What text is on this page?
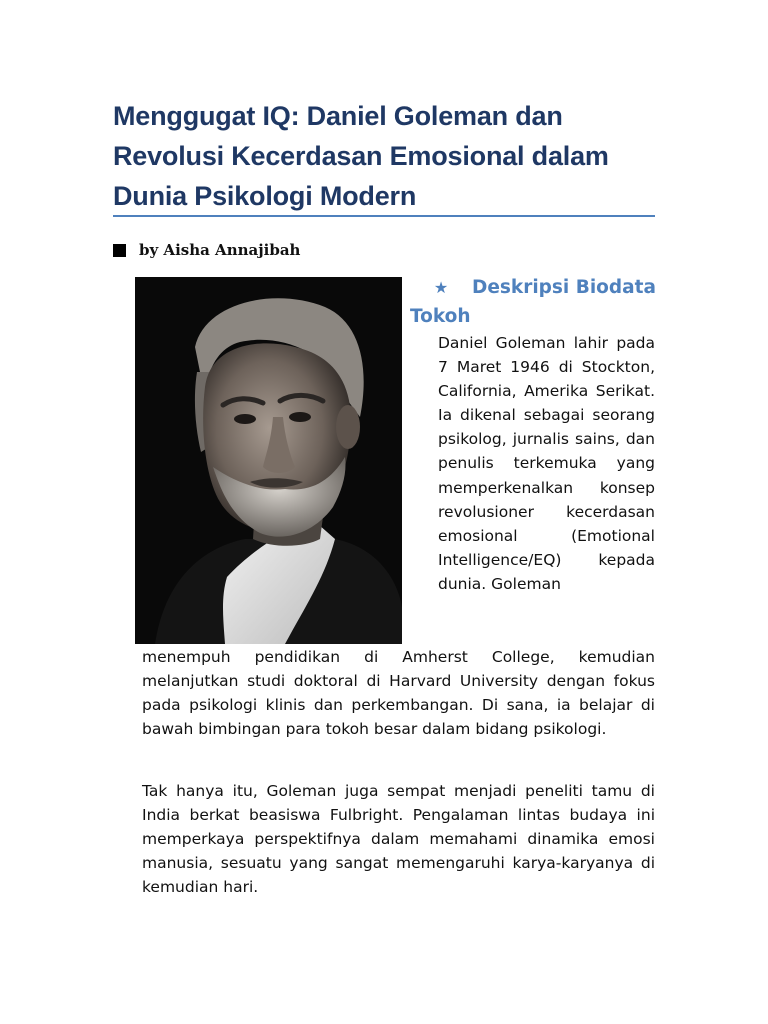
Menggugat IQ: Daniel Goleman dan Revolusi Kecerdasan Emosional dalam Dunia Psikologi Modern
by Aisha Annajibah
★ Deskripsi Biodata Tokoh

Daniel Goleman lahir pada 7 Maret 1946 di Stockton, California, Amerika Serikat. Ia dikenal sebagai seorang psikolog, jurnalis sains, dan penulis terkemuka yang memperkenalkan konsep revolusioner kecerdasan emosional (Emotional Intelligence/EQ) kepada dunia. Goleman

menempuh pendidikan di Amherst College, kemudian melanjutkan studi doktoral di Harvard University dengan fokus pada psikologi klinis dan perkembangan. Di sana, ia belajar di bawah bimbingan para tokoh besar dalam bidang psikologi.

Tak hanya itu, Goleman juga sempat menjadi peneliti tamu di India berkat beasiswa Fulbright. Pengalaman lintas budaya ini memperkaya perspektifnya dalam memahami dinamika emosi manusia, sesuatu yang sangat memengaruhi karya-karyanya di kemudian hari.
